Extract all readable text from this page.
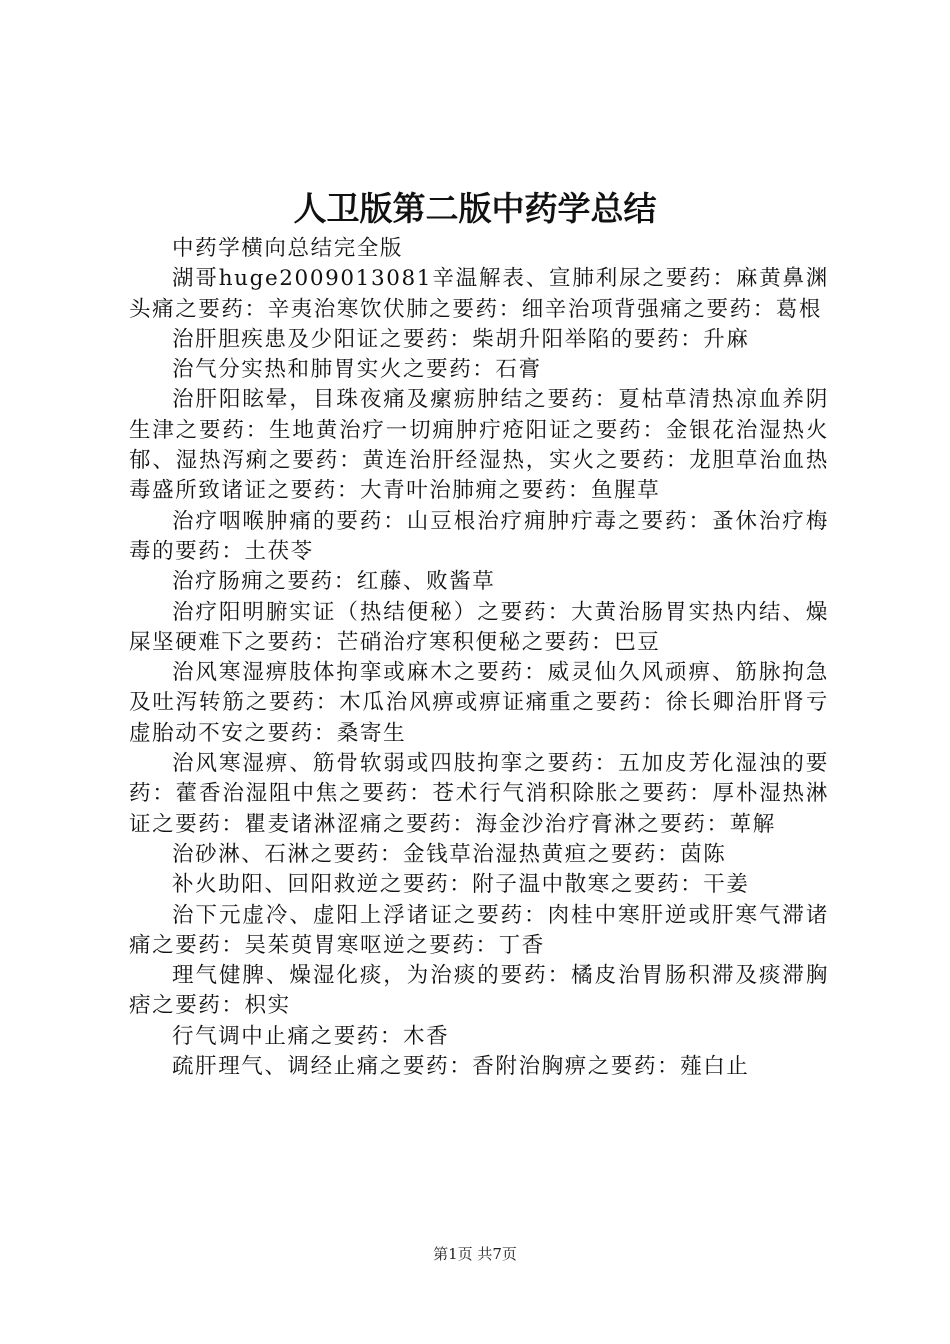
人卫版第二版中药学总结

中药学横向总结完全版

湖哥huge2009013081辛温解表、宣肺利尿之要药：麻黄鼻渊头痛之要药：辛夷治寒饮伏肺之要药：细辛治项背强痛之要药：葛根

治肝胆疾患及少阳证之要药：柴胡升阳举陷的要药：升麻

治气分实热和肺胃实火之要药：石膏

治肝阳眩晕，目珠夜痛及瘰疬肿结之要药：夏枯草清热凉血养阴生津之要药：生地黄治疗一切痈肿疔疮阳证之要药：金银花治湿热火郁、湿热泻痢之要药：黄连治肝经湿热，实火之要药：龙胆草治血热毒盛所致诸证之要药：大青叶治肺痈之要药：鱼腥草

治疗咽喉肿痛的要药：山豆根治疗痈肿疔毒之要药：蚤休治疗梅毒的要药：土茯苓

治疗肠痈之要药：红藤、败酱草

治疗阳明腑实证（热结便秘）之要药：大黄治肠胃实热内结、燥屎坚硬难下之要药：芒硝治疗寒积便秘之要药：巴豆

治风寒湿痹肢体拘挛或麻木之要药：威灵仙久风顽痹、筋脉拘急及吐泻转筋之要药：木瓜治风痹或痹证痛重之要药：徐长卿治肝肾亏虚胎动不安之要药：桑寄生

治风寒湿痹、筋骨软弱或四肢拘挛之要药：五加皮芳化湿浊的要药：藿香治湿阻中焦之要药：苍术行气消积除胀之要药：厚朴湿热淋证之要药：瞿麦诸淋涩痛之要药：海金沙治疗膏淋之要药：萆解

治砂淋、石淋之要药：金钱草治湿热黄疸之要药：茵陈

补火助阳、回阳救逆之要药：附子温中散寒之要药：干姜

治下元虚冷、虚阳上浮诸证之要药：肉桂中寒肝逆或肝寒气滞诸痛之要药：吴茱萸胃寒呕逆之要药：丁香

理气健脾、燥湿化痰，为治痰的要药：橘皮治胃肠积滞及痰滞胸痞之要药：枳实

行气调中止痛之要药：木香

疏肝理气、调经止痛之要药：香附治胸痹之要药：薤白止

第1页 共7页
